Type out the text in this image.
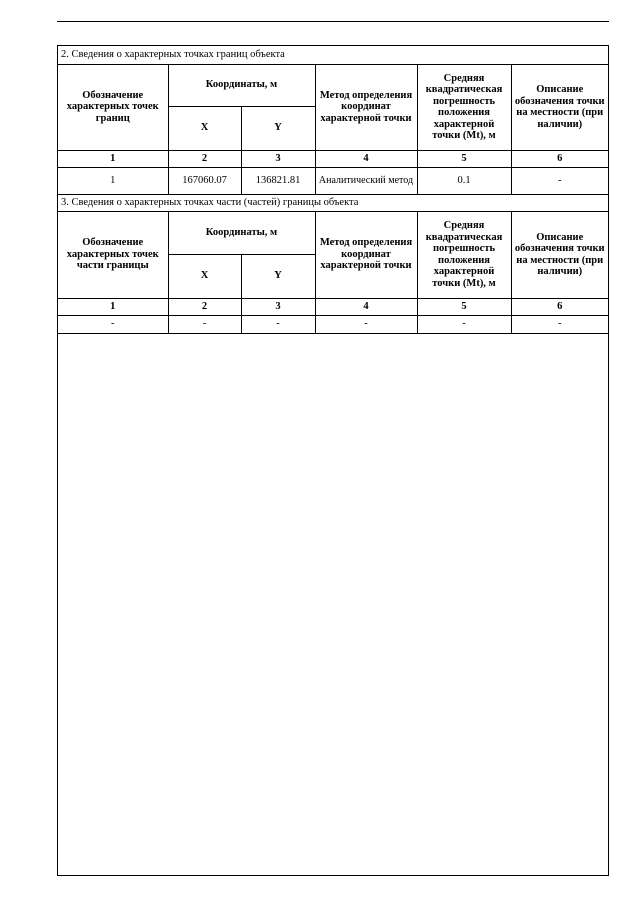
2. Сведения о характерных точках границ объекта					
Обозначение характерных точек границ	Координаты, м		Метод определения координат характерной точки	Средняя квадратическая погрешность положения характерной точки (Mt), м	Описание обозначения точки на местности (при наличии)
	X	Y			
1	2	3	4	5	6
1	167060.07	136821.81	Аналитический метод	0.1	-
3. Сведения о характерных точках части (частей) границы объекта					
Обозначение характерных точек части границы	Координаты, м		Метод определения координат характерной точки	Средняя квадратическая погрешность положения характерной точки (Mt), м	Описание обозначения точки на местности (при наличии)
	X	Y			
1	2	3	4	5	6
-	-	-	-	-	-
